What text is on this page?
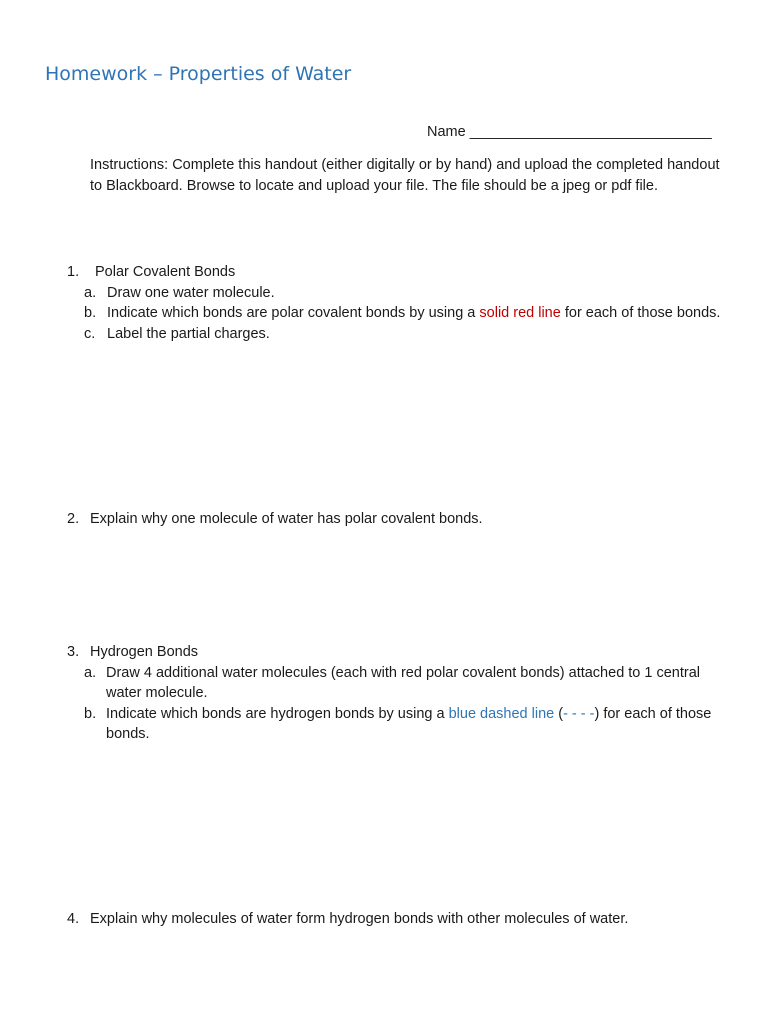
Homework – Properties of Water
Name ______________________________

Instructions: Complete this handout (either digitally or by hand) and upload the completed handout to Blackboard. Browse to locate and upload your file. The file should be a jpeg or pdf file.

1. Polar Covalent Bonds
a. Draw one water molecule.
b. Indicate which bonds are polar covalent bonds by using a solid red line for each of those bonds.
c. Label the partial charges.
2. Explain why one molecule of water has polar covalent bonds.
3. Hydrogen Bonds
a. Draw 4 additional water molecules (each with red polar covalent bonds) attached to 1 central water molecule.
b. Indicate which bonds are hydrogen bonds by using a blue dashed line (- - - -) for each of those bonds.
4. Explain why molecules of water form hydrogen bonds with other molecules of water.
